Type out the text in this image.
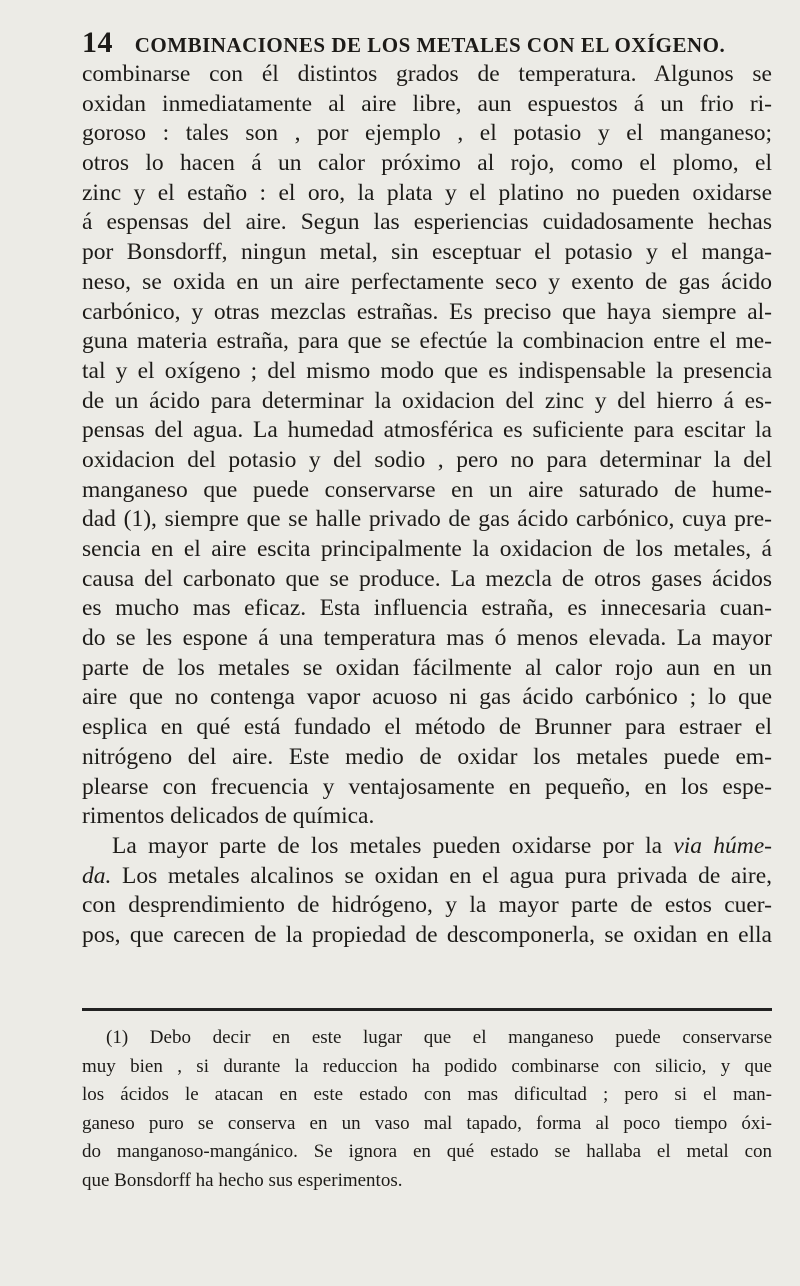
14 COMBINACIONES DE LOS METALES CON EL OXÍGENO.
combinarse con él distintos grados de temperatura. Algunos se
oxidan inmediatamente al aire libre, aun espuestos á un frio ri-
goroso : tales son , por ejemplo , el potasio y el manganeso;
otros lo hacen á un calor próximo al rojo, como el plomo, el
zinc y el estaño : el oro, la plata y el platino no pueden oxidarse
á espensas del aire. Segun las esperiencias cuidadosamente hechas
por Bonsdorff, ningun metal, sin esceptuar el potasio y el manga-
neso, se oxida en un aire perfectamente seco y exento de gas ácido
carbónico, y otras mezclas estrañas. Es preciso que haya siempre al-
guna materia estraña, para que se efectúe la combinacion entre el me-
tal y el oxígeno ; del mismo modo que es indispensable la presencia
de un ácido para determinar la oxidacion del zinc y del hierro á es-
pensas del agua. La humedad atmosférica es suficiente para escitar la
oxidacion del potasio y del sodio , pero no para determinar la del
manganeso que puede conservarse en un aire saturado de hume-
dad (1), siempre que se halle privado de gas ácido carbónico, cuya pre-
sencia en el aire escita principalmente la oxidacion de los metales, á
causa del carbonato que se produce. La mezcla de otros gases ácidos
es mucho mas eficaz. Esta influencia estraña, es innecesaria cuan-
do se les espone á una temperatura mas ó menos elevada. La mayor
parte de los metales se oxidan fácilmente al calor rojo aun en un
aire que no contenga vapor acuoso ni gas ácido carbónico ; lo que
esplica en qué está fundado el método de Brunner para estraer el
nitrógeno del aire. Este medio de oxidar los metales puede em-
plearse con frecuencia y ventajosamente en pequeño, en los espe-
rimentos delicados de química.
La mayor parte de los metales pueden oxidarse por la via húme-
da. Los metales alcalinos se oxidan en el agua pura privada de aire,
con desprendimiento de hidrógeno, y la mayor parte de estos cuer-
pos, que carecen de la propiedad de descomponerla, se oxidan en ella
(1) Debo decir en este lugar que el manganeso puede conservarse
muy bien , si durante la reduccion ha podido combinarse con silicio, y que
los ácidos le atacan en este estado con mas dificultad ; pero si el man-
ganeso puro se conserva en un vaso mal tapado, forma al poco tiempo óxi-
do manganoso-mangánico. Se ignora en qué estado se hallaba el metal con
que Bonsdorff ha hecho sus esperimentos.
